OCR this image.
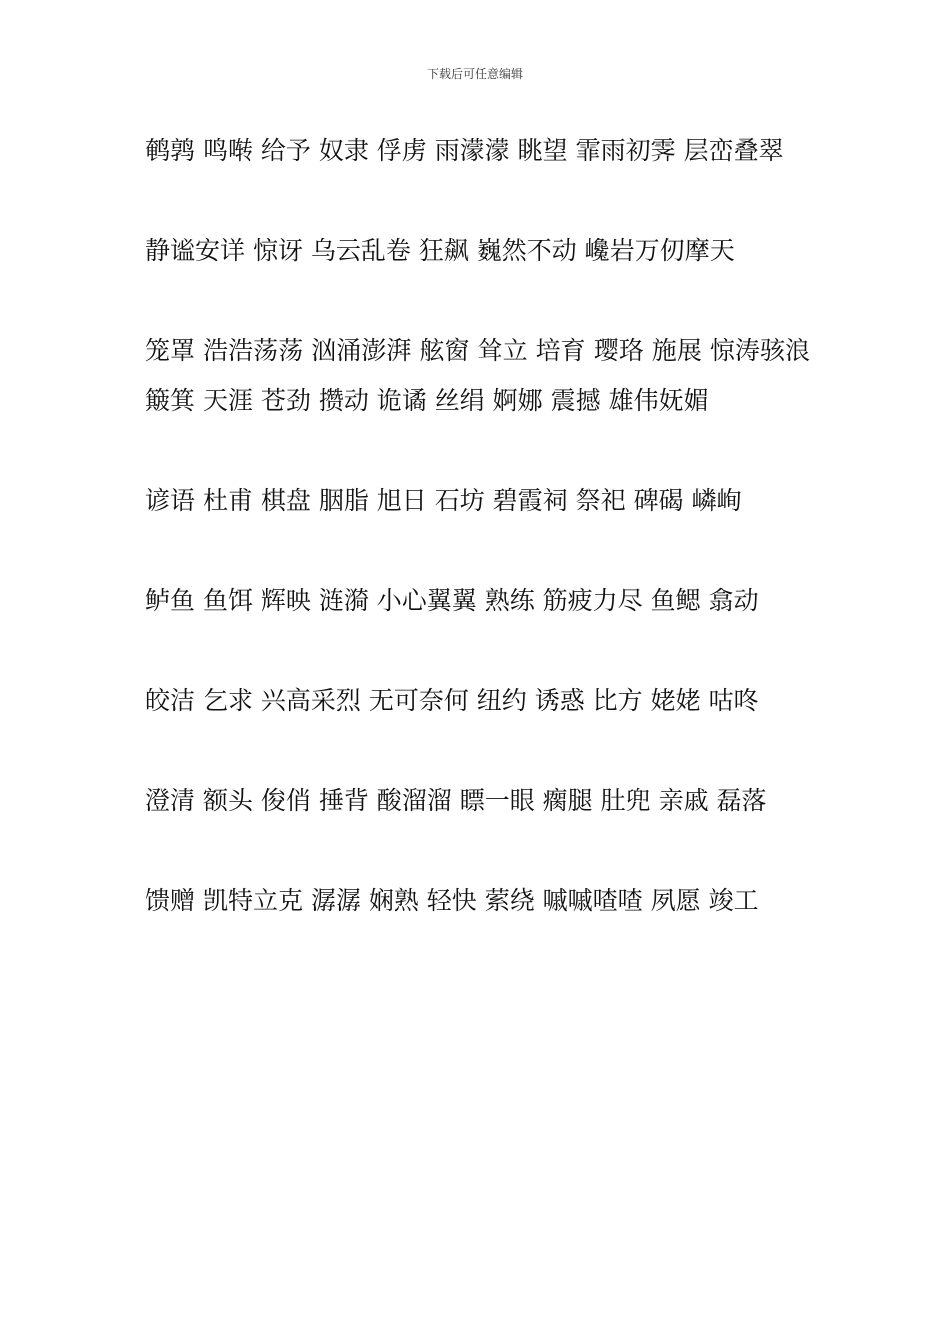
下载后可任意编辑

鹌鹑 鸣啭 给予 奴隶 俘虏 雨濛濛 眺望 霏雨初霁 层峦叠翠

静谧安详 惊讶 乌云乱卷 狂飙 巍然不动 巉岩万仞摩天

笼罩 浩浩荡荡 汹涌澎湃 舷窗 耸立 培育 璎珞 施展 惊涛骇浪 簸箕 天涯 苍劲 攒动 诡谲 丝绢 婀娜 震撼 雄伟妩媚

谚语 杜甫 棋盘 胭脂 旭日 石坊 碧霞祠 祭祀 碑碣 嶙峋

鲈鱼 鱼饵 辉映 涟漪 小心翼翼 熟练 筋疲力尽 鱼鳃 翕动

皎洁 乞求 兴高采烈 无可奈何 纽约 诱惑 比方 姥姥 咕咚

澄清 额头 俊俏 捶背 酸溜溜 瞟一眼 瘸腿 肚兜 亲戚 磊落

馈赠 凯特立克 潺潺 娴熟 轻快 萦绕 嘁嘁喳喳 夙愿 竣工
